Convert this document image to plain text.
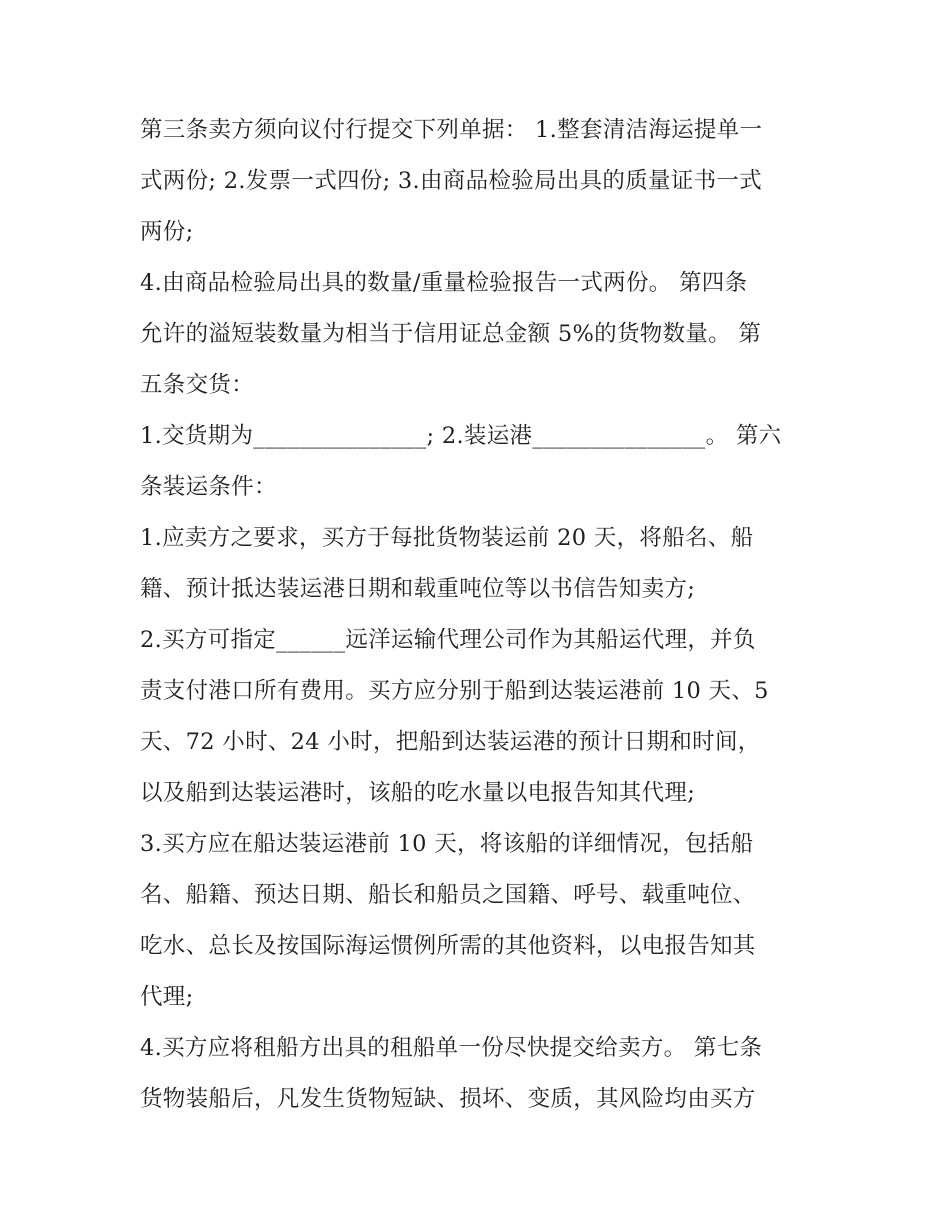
第三条卖方须向议付行提交下列单据： 1.整套清洁海运提单一
式两份; 2.发票一式四份; 3.由商品检验局出具的质量证书一式
两份;
4.由商品检验局出具的数量/重量检验报告一式两份。 第四条
允许的溢短装数量为相当于信用证总金额 5%的货物数量。 第
五条交货：
1.交货期为_______________; 2.装运港_______________。 第六
条装运条件：
1.应卖方之要求，买方于每批货物装运前 20 天，将船名、船
籍、预计抵达装运港日期和载重吨位等以书信告知卖方;
2.买方可指定______远洋运输代理公司作为其船运代理，并负
责支付港口所有费用。买方应分别于船到达装运港前 10 天、5
天、72 小时、24 小时，把船到达装运港的预计日期和时间，
以及船到达装运港时，该船的吃水量以电报告知其代理;
3.买方应在船达装运港前 10 天，将该船的详细情况，包括船
名、船籍、预达日期、船长和船员之国籍、呼号、载重吨位、
吃水、总长及按国际海运惯例所需的其他资料，以电报告知其
代理;
4.买方应将租船方出具的租船单一份尽快提交给卖方。 第七条
货物装船后，凡发生货物短缺、损坏、变质，其风险均由买方
